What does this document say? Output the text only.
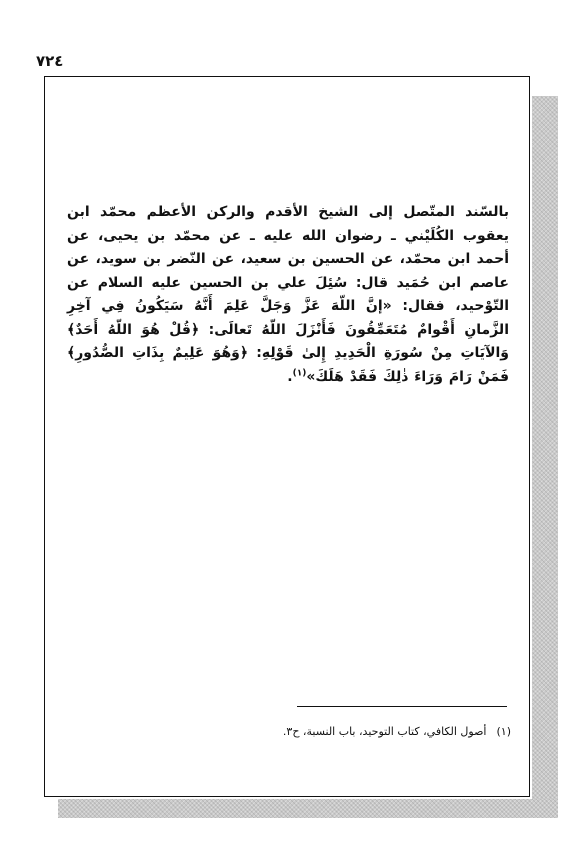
٧٢٤
بالسّند المتّصل إلى الشيخ الأقدم والركن الأعظم محمّد ابن يعقوب الكُلَيْني ـ رضوان الله عليه ـ عن محمّد بن يحيى، عن أحمد ابن محمّد، عن الحسين بن سعيد، عن النّضر بن سويد، عن عاصم ابن حُمَيد قال: سُئِلَ علي بن الحسين عليه السلام عن التّوْحيد، فقال: «إنَّ اللّهَ عَزَّ وَجَلَّ عَلِمَ أَنَّهُ سَيَكُونُ فِي آخِرِ الزَّمانِ أَقْوامٌ مُتَعَمِّقُونَ فَأَنْزَلَ اللّهُ تَعالَى: ﴿قُلْ هُوَ اللّهُ أَحَدٌ﴾ وَالآيَاتِ مِنْ سُورَةِ الْحَدِيدِ إِلىٰ قَوْلِهِ: ﴿وَهُوَ عَلِيمٌ بِذَاتِ الصُّدُورِ﴾ فَمَنْ رَامَ وَرَاءَ ذٰلِكَ فَقَدْ هَلَكَ»$^{(١)}$.
(١)أصول الكافي، كتاب التوحيد، باب النسبة، ح٣.
